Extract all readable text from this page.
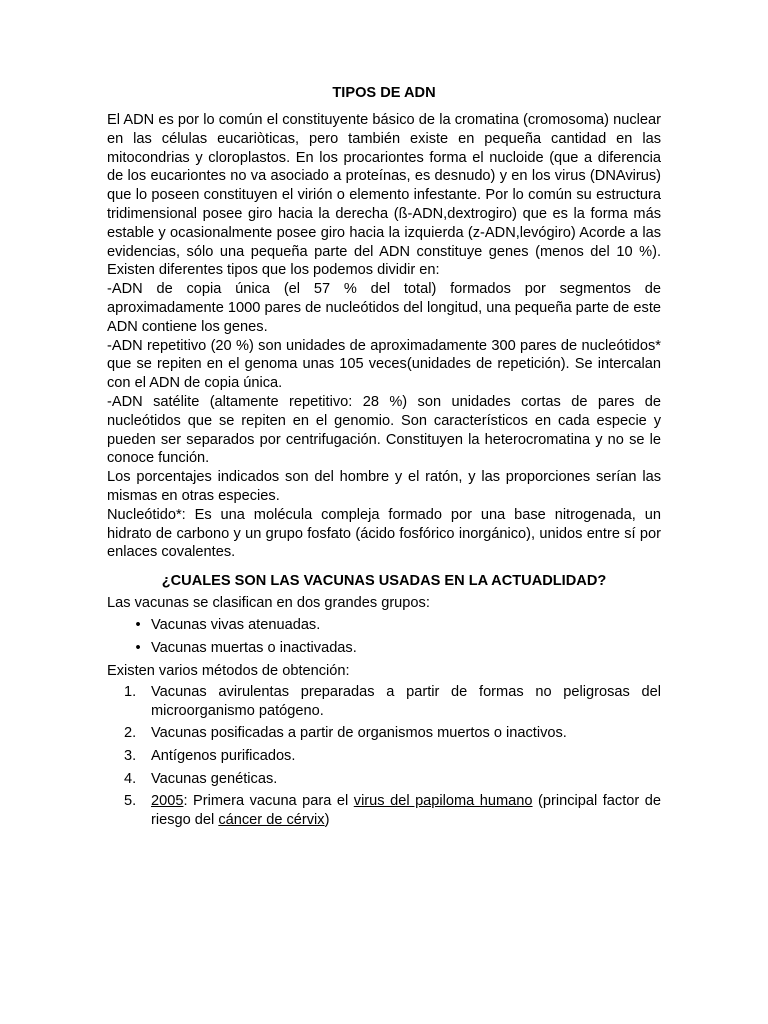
TIPOS DE ADN

El ADN es por lo común el constituyente básico de la cromatina (cromosoma) nuclear en las células eucariòticas, pero también existe en pequeña cantidad en las mitocondrias y cloroplastos. En los procariontes forma el nucloide (que a diferencia de los eucariontes no va asociado a proteínas, es desnudo) y en los virus (DNAvirus) que lo poseen constituyen el virión o elemento infestante. Por lo común su estructura tridimensional posee giro hacia la derecha (ß-ADN,dextrogiro) que es la forma más estable y ocasionalmente posee giro hacia la izquierda (z-ADN,levógiro) Acorde a las evidencias, sólo una pequeña parte del ADN constituye genes (menos del 10 %). Existen diferentes tipos que los podemos dividir en:

-ADN de copia única (el 57 % del total) formados por segmentos de aproximadamente 1000 pares de nucleótidos del longitud, una pequeña parte de este ADN contiene los genes.

-ADN repetitivo (20 %) son unidades de aproximadamente 300 pares de nucleótidos* que se repiten en el genoma unas 105 veces(unidades de repetición). Se intercalan con el ADN de copia única.

-ADN satélite (altamente repetitivo: 28 %) son unidades cortas de pares de nucleótidos que se repiten en el genomio. Son característicos en cada especie y pueden ser separados por centrifugación. Constituyen la heterocromatina y no se le conoce función.

Los porcentajes indicados son del hombre y el ratón, y las proporciones serían las mismas en otras especies.

Nucleótido*: Es una molécula compleja formado por una base nitrogenada, un hidrato de carbono y un grupo fosfato (ácido fosfórico inorgánico), unidos entre sí por enlaces covalentes.

¿CUALES SON LAS VACUNAS USADAS EN LA ACTUADLIDAD?

Las vacunas se clasifican en dos grandes grupos:

• Vacunas vivas atenuadas.
• Vacunas muertas o inactivadas.

Existen varios métodos de obtención:

1. Vacunas avirulentas preparadas a partir de formas no peligrosas del microorganismo patógeno.
2. Vacunas posificadas a partir de organismos muertos o inactivos.
3. Antígenos purificados.
4. Vacunas genéticas.
5. 2005: Primera vacuna para el virus del papiloma humano (principal factor de riesgo del cáncer de cérvix)
